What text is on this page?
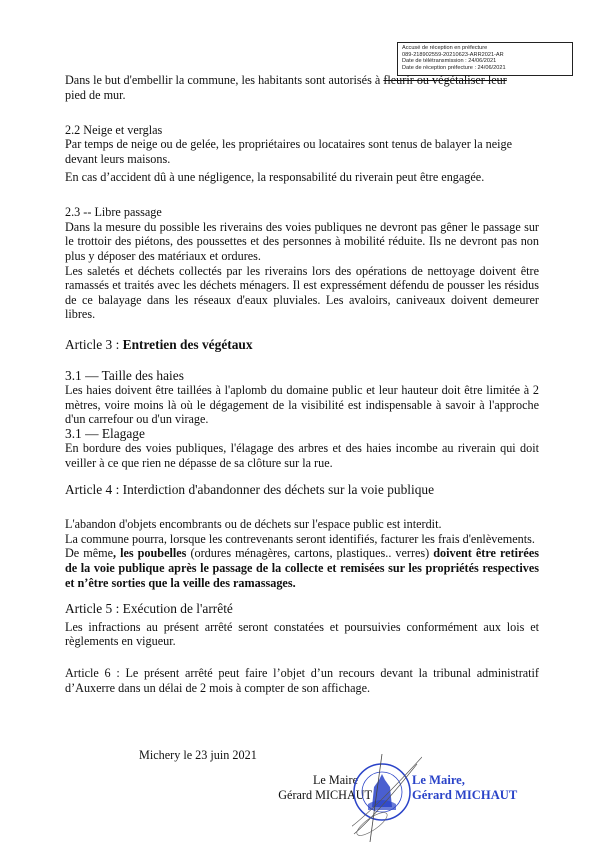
Accusé de réception en préfecture
089-218902559-20210623-ARR2021-AR
Date de télétransmission : 24/06/2021
Date de réception préfecture : 24/06/2021

Dans le but d'embellir la commune, les habitants sont autorisés à fleurir ou végétaliser leur
pied de mur.

2.2 Neige et verglas

Par temps de neige ou de gelée, les propriétaires ou locataires sont tenus de balayer la neige devant leurs maisons.

En cas d’accident dû à une négligence, la responsabilité du riverain peut être engagée.

2.3 -- Libre passage

Dans la mesure du possible les riverains des voies publiques ne devront pas gêner le passage sur le trottoir des piétons, des poussettes et des personnes à mobilité réduite. Ils ne devront pas non plus y déposer des matériaux et ordures.

Les saletés et déchets collectés par les riverains lors des opérations de nettoyage doivent être ramassés et traités avec les déchets ménagers. Il est expressément défendu de pousser les résidus de ce balayage dans les réseaux d'eaux pluviales. Les avaloirs, caniveaux doivent demeurer libres.

Article 3 : Entretien des végétaux

3.1 — Taille des haies

Les haies doivent être taillées à l'aplomb du domaine public et leur hauteur doit être limitée à 2 mètres, voire moins là où le dégagement de la visibilité est indispensable à savoir à l'approche d'un carrefour ou d'un virage.

3.1 — Elagage

En bordure des voies publiques, l'élagage des arbres et des haies incombe au riverain qui doit veiller à ce que rien ne dépasse de sa clôture sur la rue.

Article 4 : Interdiction d'abandonner des déchets sur la voie publique

L'abandon d'objets encombrants ou de déchets sur l'espace public est interdit.

La commune pourra, lorsque les contrevenants seront identifiés, facturer les frais d'enlèvements.

De même, les poubelles (ordures ménagères, cartons, plastiques.. verres) doivent être retirées de la voie publique après le passage de la collecte et remisées sur les propriétés respectives et n’être sorties que la veille des ramassages.

Article 5 : Exécution de l'arrêté

Les infractions au présent arrêté seront constatées et poursuivies conformément aux lois et règlements en vigueur.

Article 6 : Le présent arrêté peut faire l’objet d’un recours devant la tribunal administratif d’Auxerre dans un délai de 2 mois à compter de son affichage.

Michery le 23 juin 2021
Le Maire
Gérard MICHAUT
Le Maire,
Gérard MICHAUT
